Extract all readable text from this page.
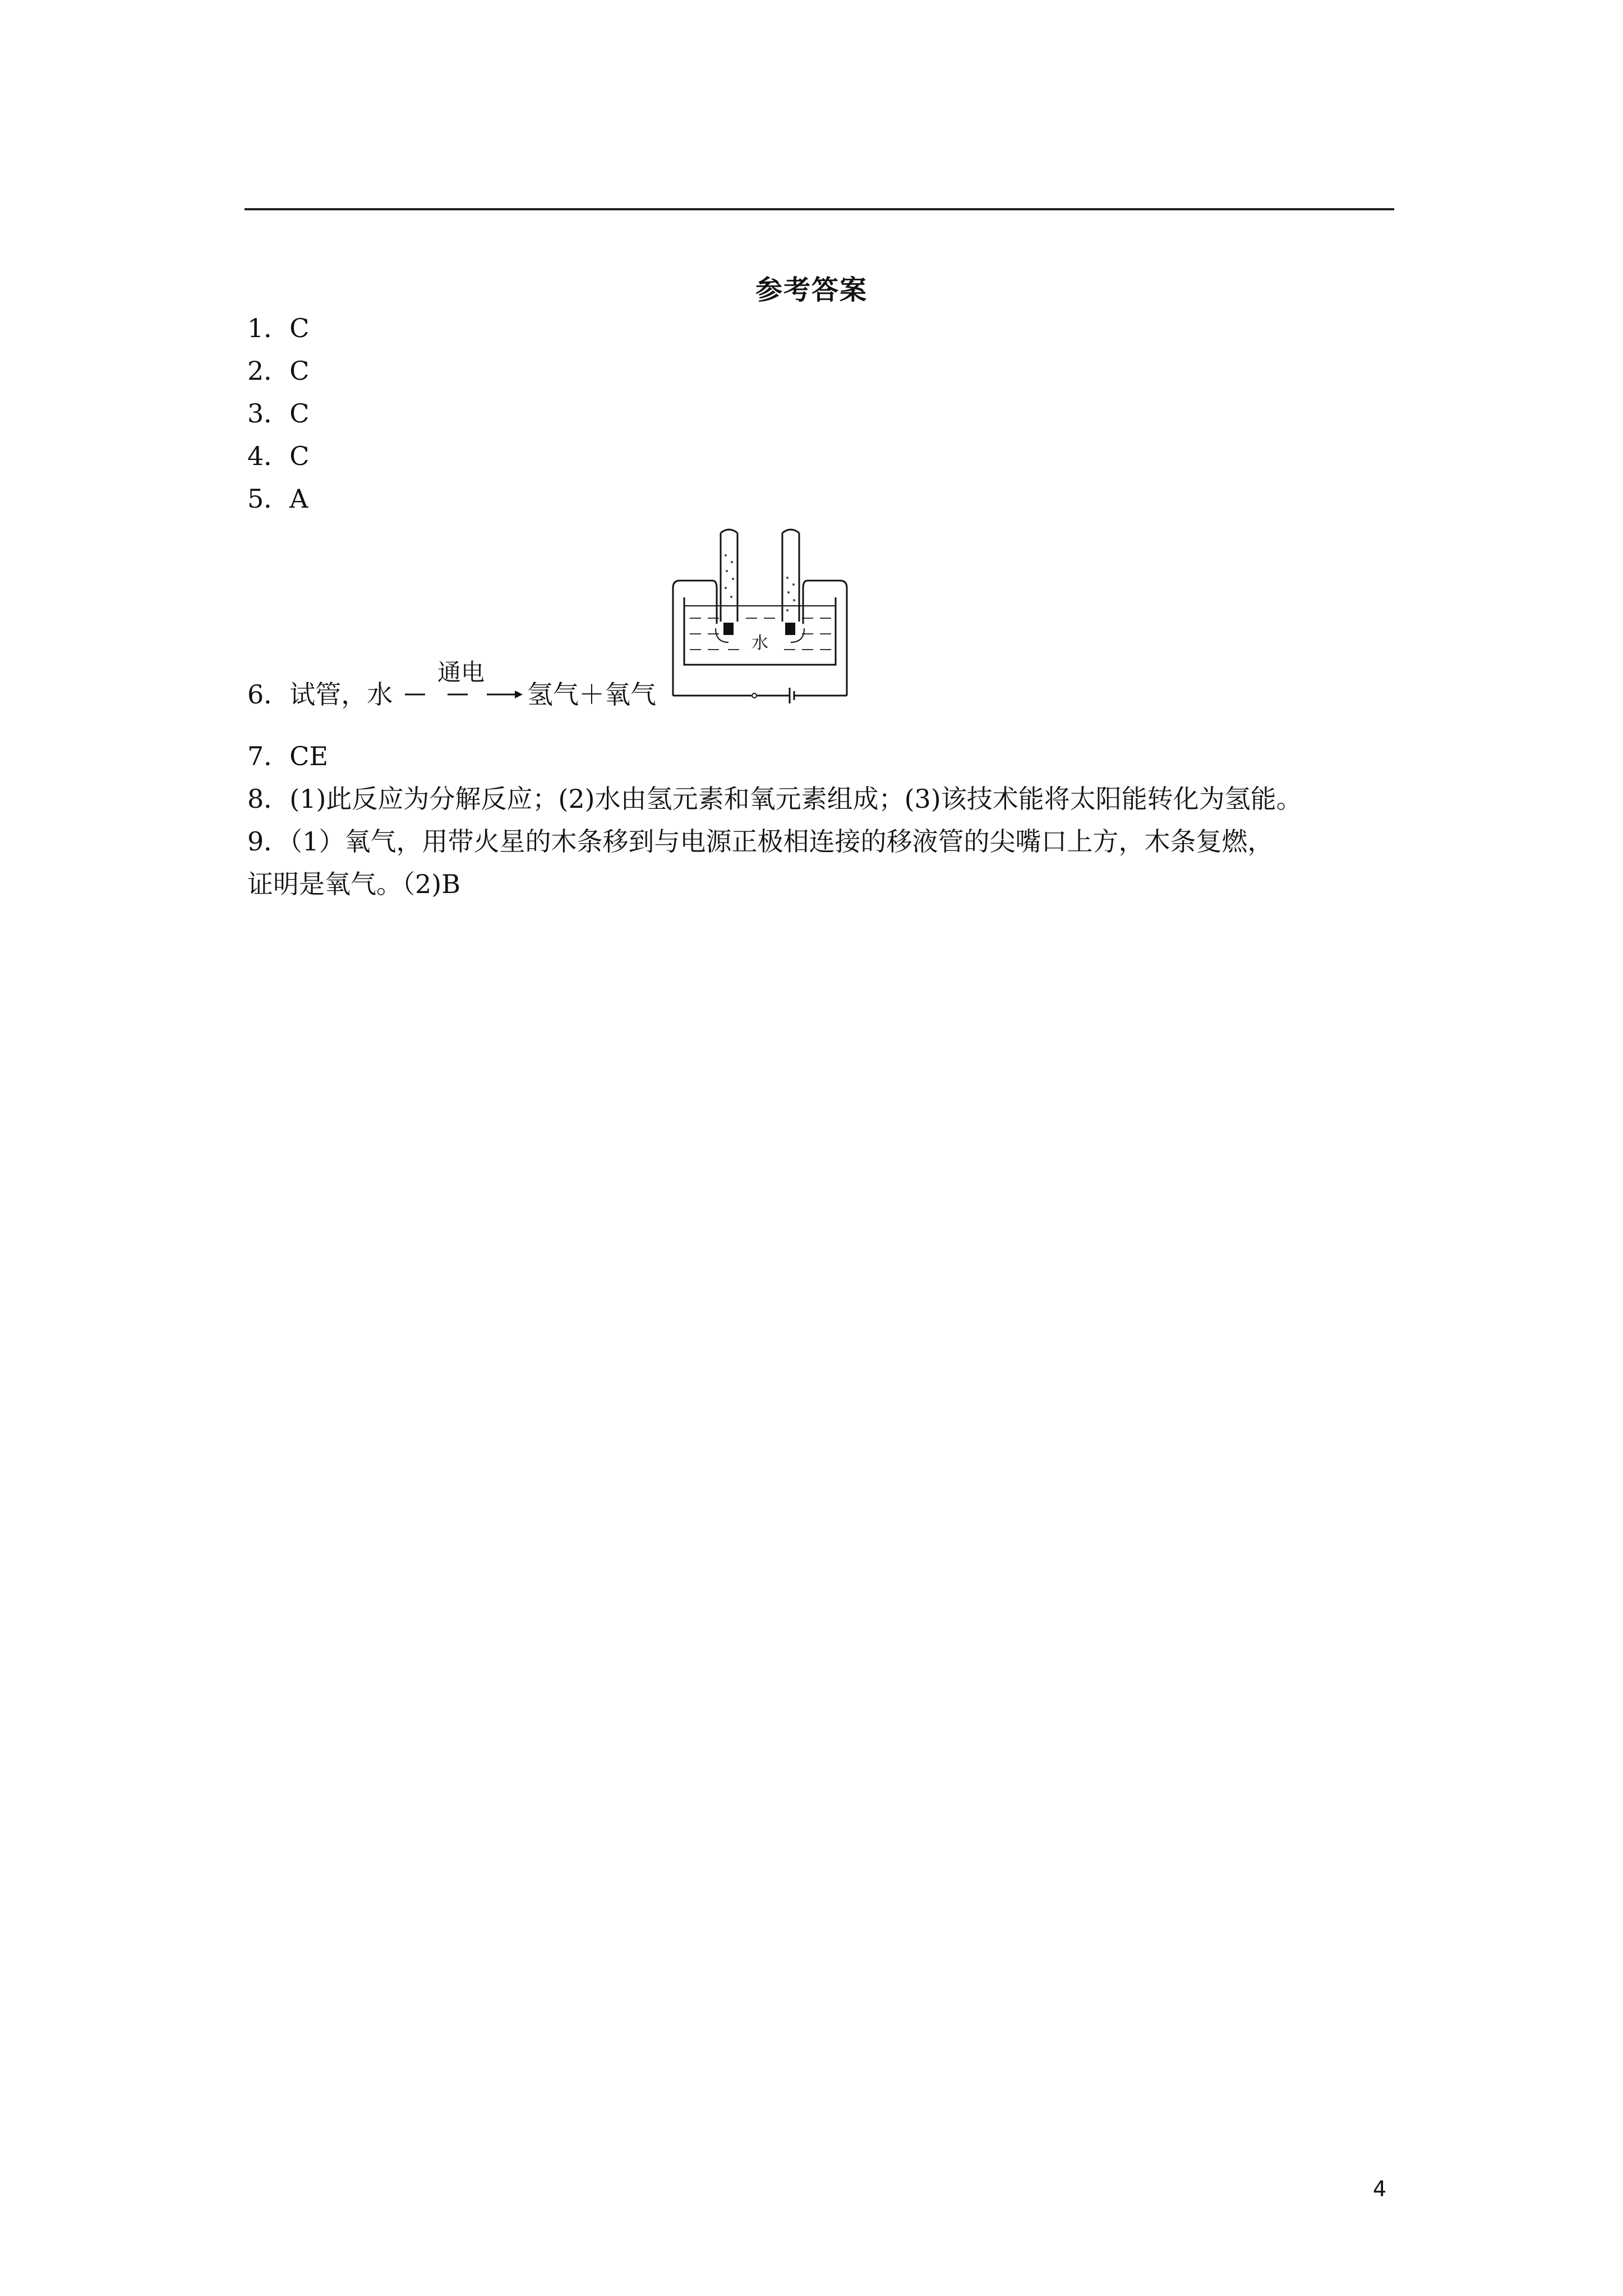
参考答案
1．C
2．C
3．C
4．C
5．A
6．试管，水
通电
氢气＋氧气
水
7．CE
8．(1)此反应为分解反应；(2)水由氢元素和氧元素组成；(3)该技术能将太阳能转化为氢能。
9．（1）氧气，用带火星的木条移到与电源正极相连接的移液管的尖嘴口上方，木条复燃，
证明是氧气。（2)B
4
